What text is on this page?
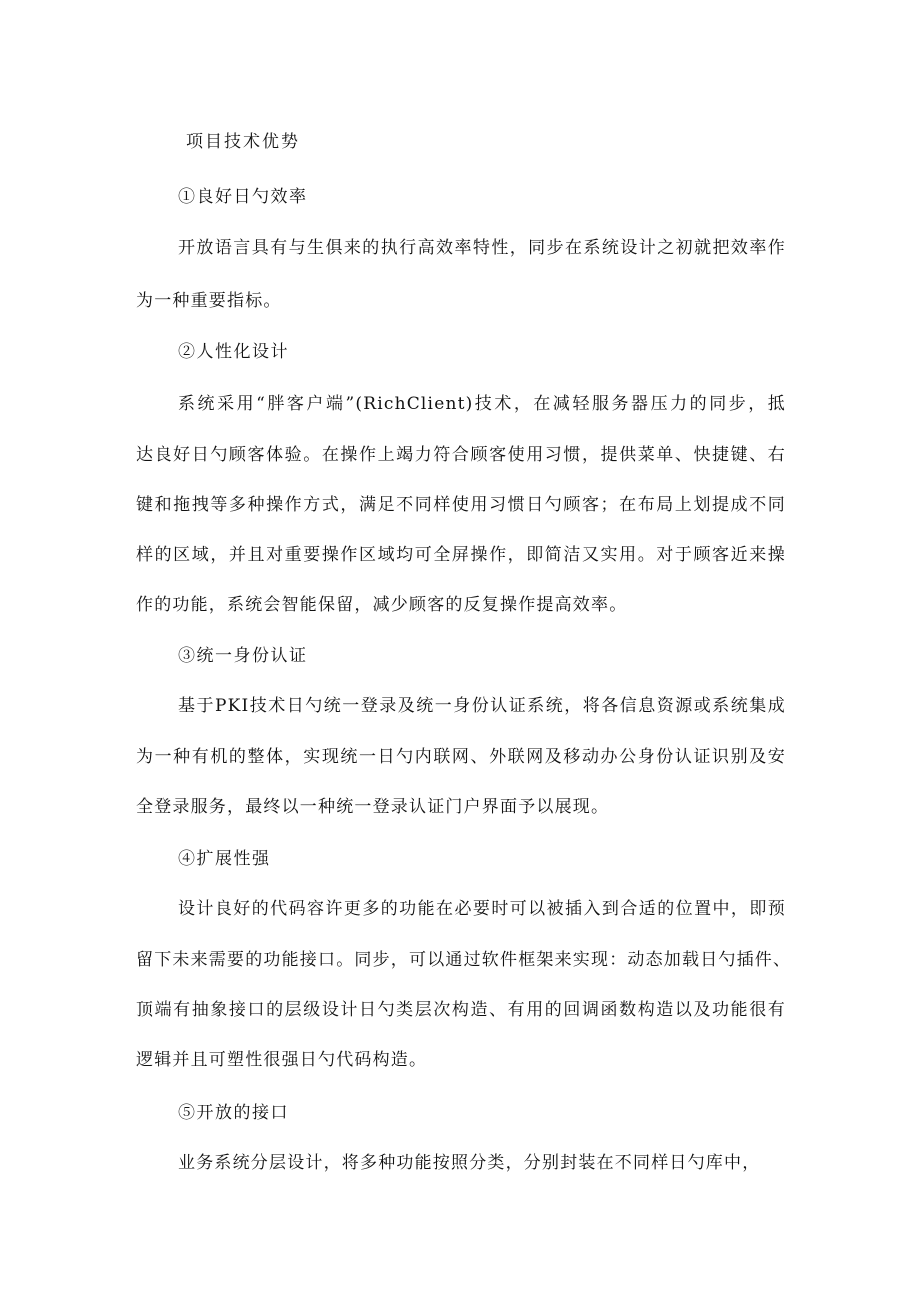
项目技术优势
①良好日勺效率
开放语言具有与生俱来的执行高效率特性，同步在系统设计之初就把效率作
为一种重要指标。
②人性化设计
系统采用“胖客户端”(RichClient)技术，在减轻服务器压力的同步，抵
达良好日勺顾客体验。在操作上竭力符合顾客使用习惯，提供菜单、快捷键、右
键和拖拽等多种操作方式，满足不同样使用习惯日勺顾客；在布局上划提成不同
样的区域，并且对重要操作区域均可全屏操作，即简洁又实用。对于顾客近来操
作的功能，系统会智能保留，减少顾客的反复操作提高效率。
③统一身份认证
基于PKI技术日勺统一登录及统一身份认证系统，将各信息资源或系统集成
为一种有机的整体，实现统一日勺内联网、外联网及移动办公身份认证识别及安
全登录服务，最终以一种统一登录认证门户界面予以展现。
④扩展性强
设计良好的代码容许更多的功能在必要时可以被插入到合适的位置中，即预
留下未来需要的功能接口。同步，可以通过软件框架来实现：动态加载日勺插件、
顶端有抽象接口的层级设计日勺类层次构造、有用的回调函数构造以及功能很有
逻辑并且可塑性很强日勺代码构造。
⑤开放的接口
业务系统分层设计，将多种功能按照分类，分别封装在不同样日勺库中，
